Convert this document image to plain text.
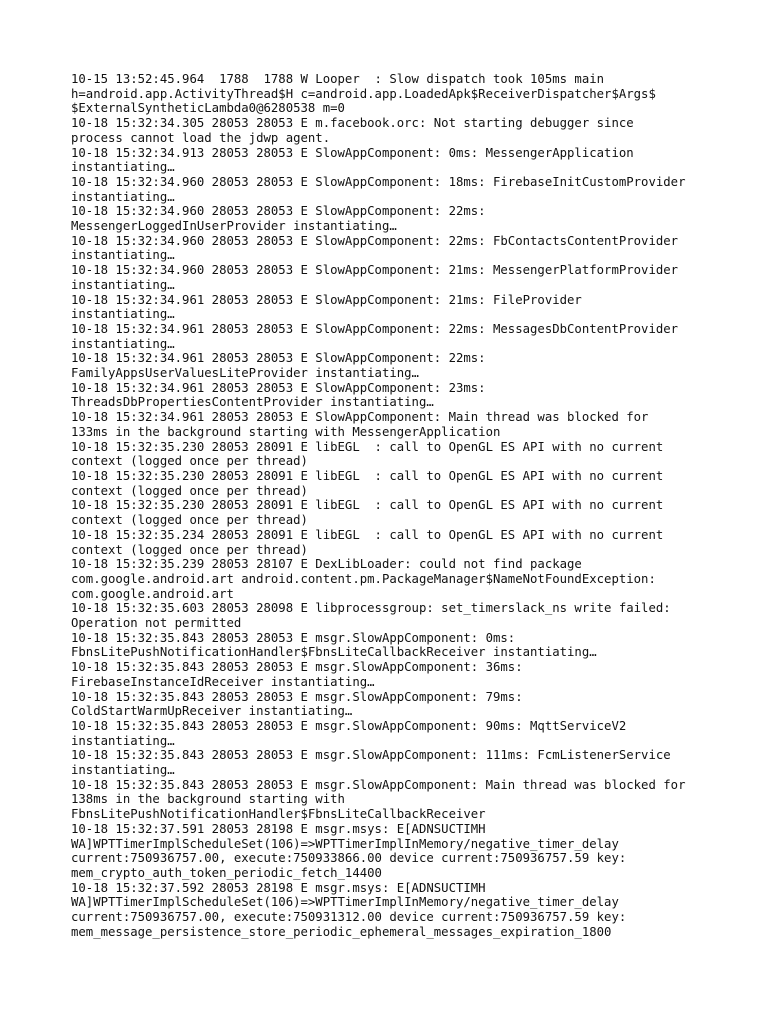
10-15 13:52:45.964  1788  1788 W Looper  : Slow dispatch took 105ms main
h=android.app.ActivityThread$H c=android.app.LoadedApk$ReceiverDispatcher$Args$
$ExternalSyntheticLambda0@6280538 m=0
10-18 15:32:34.305 28053 28053 E m.facebook.orc: Not starting debugger since
process cannot load the jdwp agent.
10-18 15:32:34.913 28053 28053 E SlowAppComponent: 0ms: MessengerApplication
instantiating…
10-18 15:32:34.960 28053 28053 E SlowAppComponent: 18ms: FirebaseInitCustomProvider
instantiating…
10-18 15:32:34.960 28053 28053 E SlowAppComponent: 22ms:
MessengerLoggedInUserProvider instantiating…
10-18 15:32:34.960 28053 28053 E SlowAppComponent: 22ms: FbContactsContentProvider
instantiating…
10-18 15:32:34.960 28053 28053 E SlowAppComponent: 21ms: MessengerPlatformProvider
instantiating…
10-18 15:32:34.961 28053 28053 E SlowAppComponent: 21ms: FileProvider
instantiating…
10-18 15:32:34.961 28053 28053 E SlowAppComponent: 22ms: MessagesDbContentProvider
instantiating…
10-18 15:32:34.961 28053 28053 E SlowAppComponent: 22ms:
FamilyAppsUserValuesLiteProvider instantiating…
10-18 15:32:34.961 28053 28053 E SlowAppComponent: 23ms:
ThreadsDbPropertiesContentProvider instantiating…
10-18 15:32:34.961 28053 28053 E SlowAppComponent: Main thread was blocked for
133ms in the background starting with MessengerApplication
10-18 15:32:35.230 28053 28091 E libEGL  : call to OpenGL ES API with no current
context (logged once per thread)
10-18 15:32:35.230 28053 28091 E libEGL  : call to OpenGL ES API with no current
context (logged once per thread)
10-18 15:32:35.230 28053 28091 E libEGL  : call to OpenGL ES API with no current
context (logged once per thread)
10-18 15:32:35.234 28053 28091 E libEGL  : call to OpenGL ES API with no current
context (logged once per thread)
10-18 15:32:35.239 28053 28107 E DexLibLoader: could not find package
com.google.android.art android.content.pm.PackageManager$NameNotFoundException:
com.google.android.art
10-18 15:32:35.603 28053 28098 E libprocessgroup: set_timerslack_ns write failed:
Operation not permitted
10-18 15:32:35.843 28053 28053 E msgr.SlowAppComponent: 0ms:
FbnsLitePushNotificationHandler$FbnsLiteCallbackReceiver instantiating…
10-18 15:32:35.843 28053 28053 E msgr.SlowAppComponent: 36ms:
FirebaseInstanceIdReceiver instantiating…
10-18 15:32:35.843 28053 28053 E msgr.SlowAppComponent: 79ms:
ColdStartWarmUpReceiver instantiating…
10-18 15:32:35.843 28053 28053 E msgr.SlowAppComponent: 90ms: MqttServiceV2
instantiating…
10-18 15:32:35.843 28053 28053 E msgr.SlowAppComponent: 111ms: FcmListenerService
instantiating…
10-18 15:32:35.843 28053 28053 E msgr.SlowAppComponent: Main thread was blocked for
138ms in the background starting with
FbnsLitePushNotificationHandler$FbnsLiteCallbackReceiver
10-18 15:32:37.591 28053 28198 E msgr.msys: E[ADNSUCTIMH
WA]WPTTimerImplScheduleSet(106)=>WPTTimerImplInMemory/negative_timer_delay
current:750936757.00, execute:750933866.00 device current:750936757.59 key:
mem_crypto_auth_token_periodic_fetch_14400
10-18 15:32:37.592 28053 28198 E msgr.msys: E[ADNSUCTIMH
WA]WPTTimerImplScheduleSet(106)=>WPTTimerImplInMemory/negative_timer_delay
current:750936757.00, execute:750931312.00 device current:750936757.59 key:
mem_message_persistence_store_periodic_ephemeral_messages_expiration_1800
